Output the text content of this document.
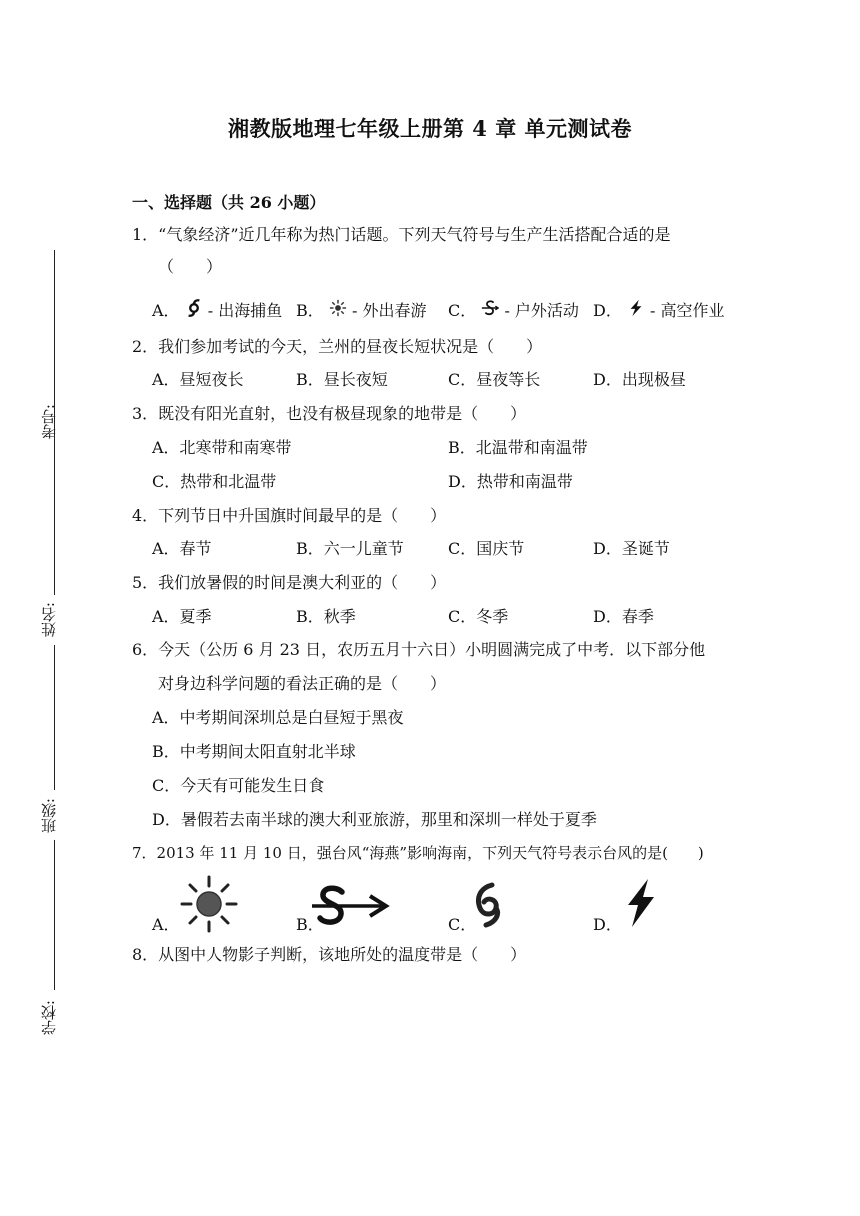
湘教版地理七年级上册第 4 章 单元测试卷
一、选择题（共 26 小题）
考号:
姓名:
班级:
学校:
1．“气象经济”近几年称为热门话题。下列天气符号与生产生活搭配合适的是
（　　）
A． - 出海捕鱼 B． - 外出春游 C． - 户外活动 D． - 高空作业
2．我们参加考试的今天，兰州的昼夜长短状况是（　　）
A．昼短夜长	B．昼长夜短	C．昼夜等长	D．出现极昼
3．既没有阳光直射，也没有极昼现象的地带是（　　）
A．北寒带和南寒带	B．北温带和南温带
C．热带和北温带	D．热带和南温带
4．下列节日中升国旗时间最早的是（　　）
A．春节	B．六一儿童节	C．国庆节	D．圣诞节
5．我们放暑假的时间是澳大利亚的（　　）
A．夏季	B．秋季	C．冬季	D．春季
6．今天（公历 6 月 23 日，农历五月十六日）小明圆满完成了中考．以下部分他
对身边科学问题的看法正确的是（　　）
A．中考期间深圳总是白昼短于黑夜
B．中考期间太阳直射北半球
C．今天有可能发生日食
D．暑假若去南半球的澳大利亚旅游，那里和深圳一样处于夏季
7．2013 年 11 月 10 日，强台风“海燕”影响海南，下列天气符号表示台风的是(　　)
A．	B．	C．	D．
8．从图中人物影子判断，该地所处的温度带是（　　）
